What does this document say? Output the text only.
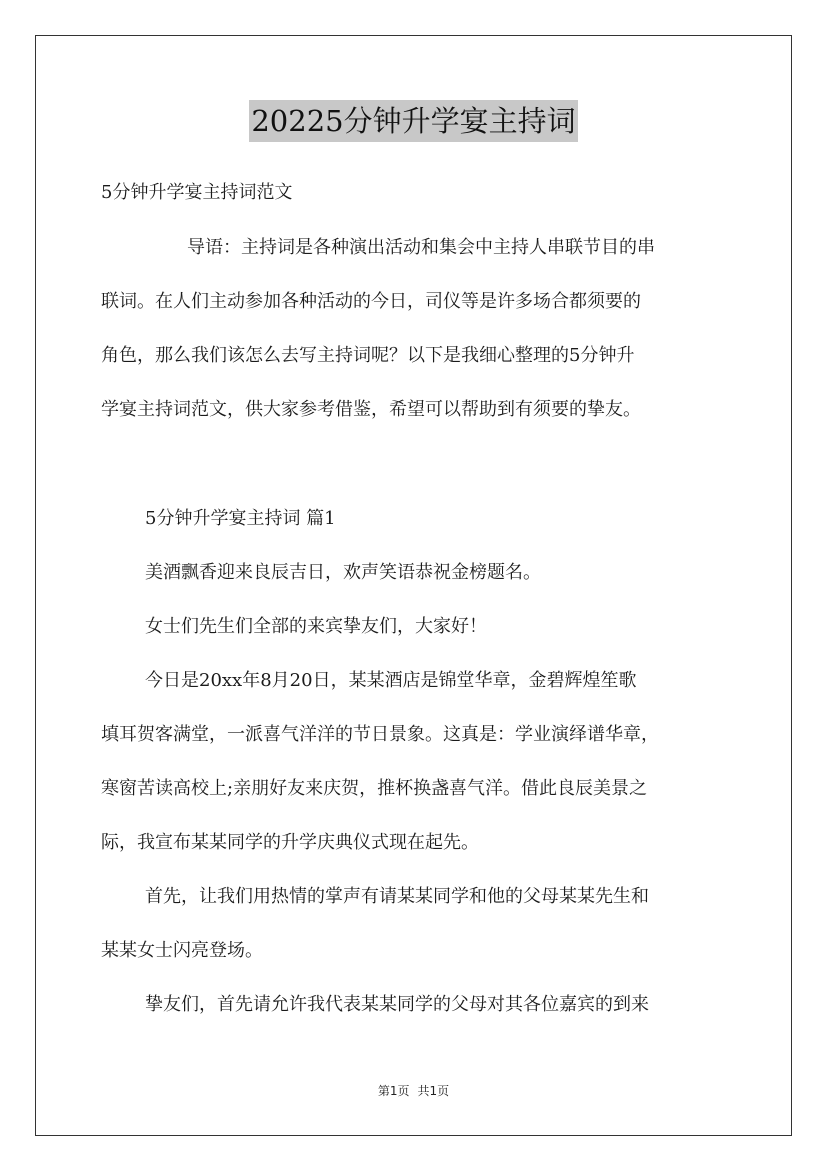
20225分钟升学宴主持词
5分钟升学宴主持词范文
导语：主持词是各种演出活动和集会中主持人串联节目的串
联词。在人们主动参加各种活动的今日，司仪等是许多场合都须要的
角色，那么我们该怎么去写主持词呢？以下是我细心整理的5分钟升
学宴主持词范文，供大家参考借鉴，希望可以帮助到有须要的挚友。
5分钟升学宴主持词 篇1
美酒飘香迎来良辰吉日，欢声笑语恭祝金榜题名。
女士们先生们全部的来宾挚友们，大家好！
今日是20xx年8月20日，某某酒店是锦堂华章，金碧辉煌笙歌
填耳贺客满堂，一派喜气洋洋的节日景象。这真是：学业演绎谱华章，
寒窗苦读高校上;亲朋好友来庆贺，推杯换盏喜气洋。借此良辰美景之
际，我宣布某某同学的升学庆典仪式现在起先。
首先，让我们用热情的掌声有请某某同学和他的父母某某先生和
某某女士闪亮登场。
挚友们，首先请允许我代表某某同学的父母对其各位嘉宾的到来
第1页 共1页
